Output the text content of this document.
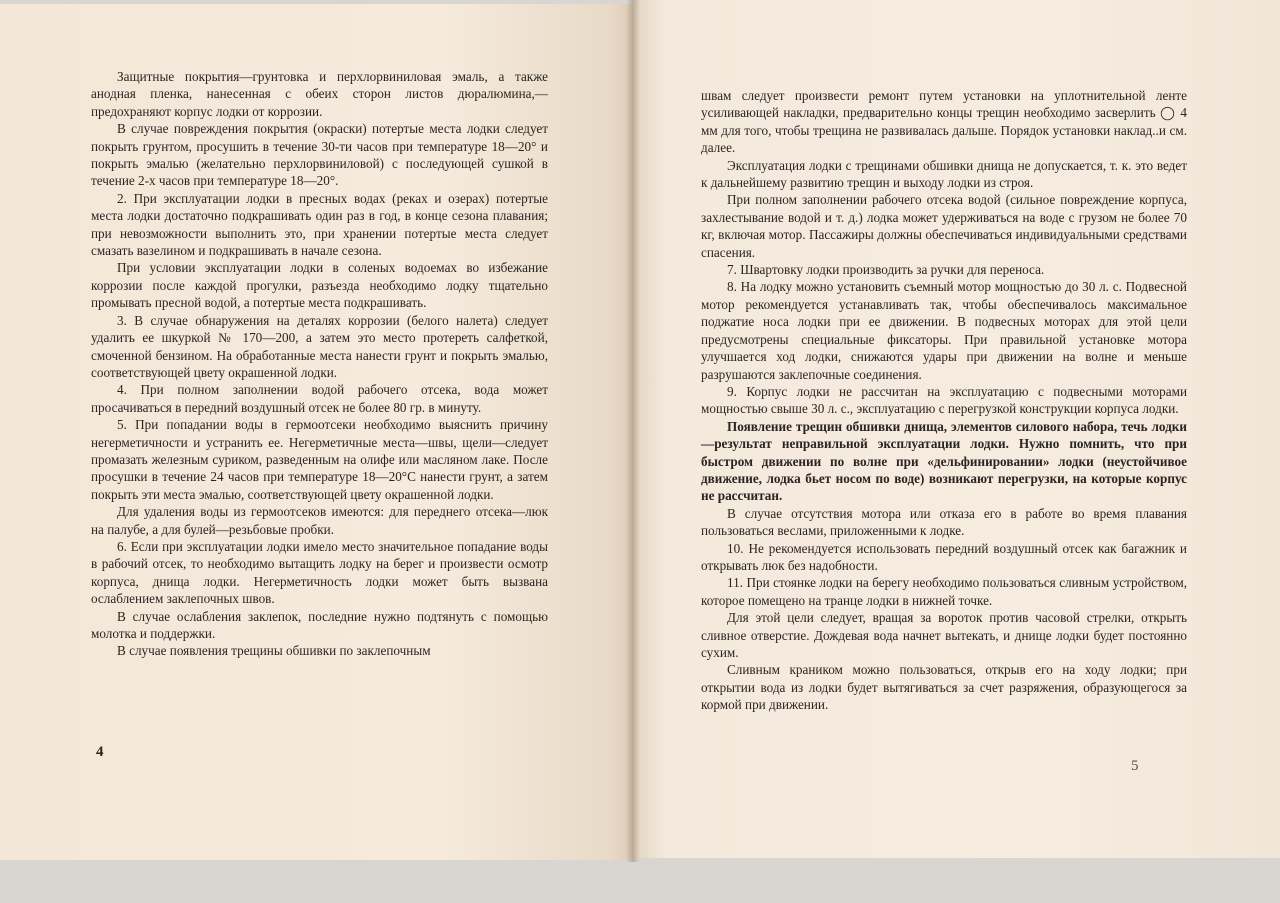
Защитные покрытия—грунтовка и перхлорвиниловая эмаль, а также анодная пленка, нанесенная с обеих сторон листов дюралюмина,—предохраняют корпус лодки от коррозии.

В случае повреждения покрытия (окраски) потертые места лодки следует покрыть грунтом, просушить в течение 30-ти часов при температуре 18—20° и покрыть эмалью (желательно перхлорвиниловой) с последующей сушкой в течение 2-х часов при температуре 18—20°.

2. При эксплуатации лодки в пресных водах (реках и озерах) потертые места лодки достаточно подкрашивать один раз в год, в конце сезона плавания; при невозможности выполнить это, при хранении потертые места следует смазать вазелином и подкрашивать в начале сезона.

При условии эксплуатации лодки в соленых водоемах во избежание коррозии после каждой прогулки, разъезда необходимо лодку тщательно промывать пресной водой, а потертые места подкрашивать.

3. В случае обнаружения на деталях коррозии (белого налета) следует удалить ее шкуркой № 170—200, а затем это место протереть салфеткой, смоченной бензином. На обработанные места нанести грунт и покрыть эмалью, соответствующей цвету окрашенной лодки.

4. При полном заполнении водой рабочего отсека, вода может просачиваться в передний воздушный отсек не более 80 гр. в минуту.

5. При попадании воды в гермоотсеки необходимо выяснить причину негерметичности и устранить ее. Негерметичные места—швы, щели—следует промазать железным суриком, разведенным на олифе или масляном лаке. После просушки в течение 24 часов при температуре 18—20°С нанести грунт, а затем покрыть эти места эмалью, соответствующей цвету окрашенной лодки.

Для удаления воды из гермоотсеков имеются: для переднего отсека—люк на палубе, а для булей—резьбовые пробки.

6. Если при эксплуатации лодки имело место значительное попадание воды в рабочий отсек, то необходимо вытащить лодку на берег и произвести осмотр корпуса, днища лодки. Негерметичность лодки может быть вызвана ослаблением заклепочных швов.

В случае ослабления заклепок, последние нужно подтянуть с помощью молотка и поддержки.

В случае появления трещины обшивки по заклепочным

4

швам следует произвести ремонт путем установки на уплотнительной ленте усиливающей накладки, предварительно концы трещин необходимо засверлить ◯ 4 мм для того, чтобы трещина не развивалась дальше. Порядок установки наклад..и см. далее.

Эксплуатация лодки с трещинами обшивки днища не допускается, т. к. это ведет к дальнейшему развитию трещин и выходу лодки из строя.

При полном заполнении рабочего отсека водой (сильное повреждение корпуса, захлестывание водой и т. д.) лодка может удерживаться на воде с грузом не более 70 кг, включая мотор. Пассажиры должны обеспечиваться индивидуальными средствами спасения.

7. Швартовку лодки производить за ручки для переноса.

8. На лодку можно установить съемный мотор мощностью до 30 л. с. Подвесной мотор рекомендуется устанавливать так, чтобы обеспечивалось максимальное поджатие носа лодки при ее движении. В подвесных моторах для этой цели предусмотрены специальные фиксаторы. При правильной установке мотора улучшается ход лодки, снижаются удары при движении на волне и меньше разрушаются заклепочные соединения.

9. Корпус лодки не рассчитан на эксплуатацию с подвесными моторами мощностью свыше 30 л. с., эксплуатацию с перегрузкой конструкции корпуса лодки.

Появление трещин обшивки днища, элементов силового набора, течь лодки—результат неправильной эксплуатации лодки. Нужно помнить, что при быстром движении по волне при «дельфинировании» лодки (неустойчивое движение, лодка бьет носом по воде) возникают перегрузки, на которые корпус не рассчитан.

В случае отсутствия мотора или отказа его в работе во время плавания пользоваться веслами, приложенными к лодке.

10. Не рекомендуется использовать передний воздушный отсек как багажник и открывать люк без надобности.

11. При стоянке лодки на берегу необходимо пользоваться сливным устройством, которое помещено на транце лодки в нижней точке.

Для этой цели следует, вращая за вороток против часовой стрелки, открыть сливное отверстие. Дождевая вода начнет вытекать, и днище лодки будет постоянно сухим.

Сливным краником можно пользоваться, открыв его на ходу лодки; при открытии вода из лодки будет вытягиваться за счет разряжения, образующегося за кормой при движении.

5
